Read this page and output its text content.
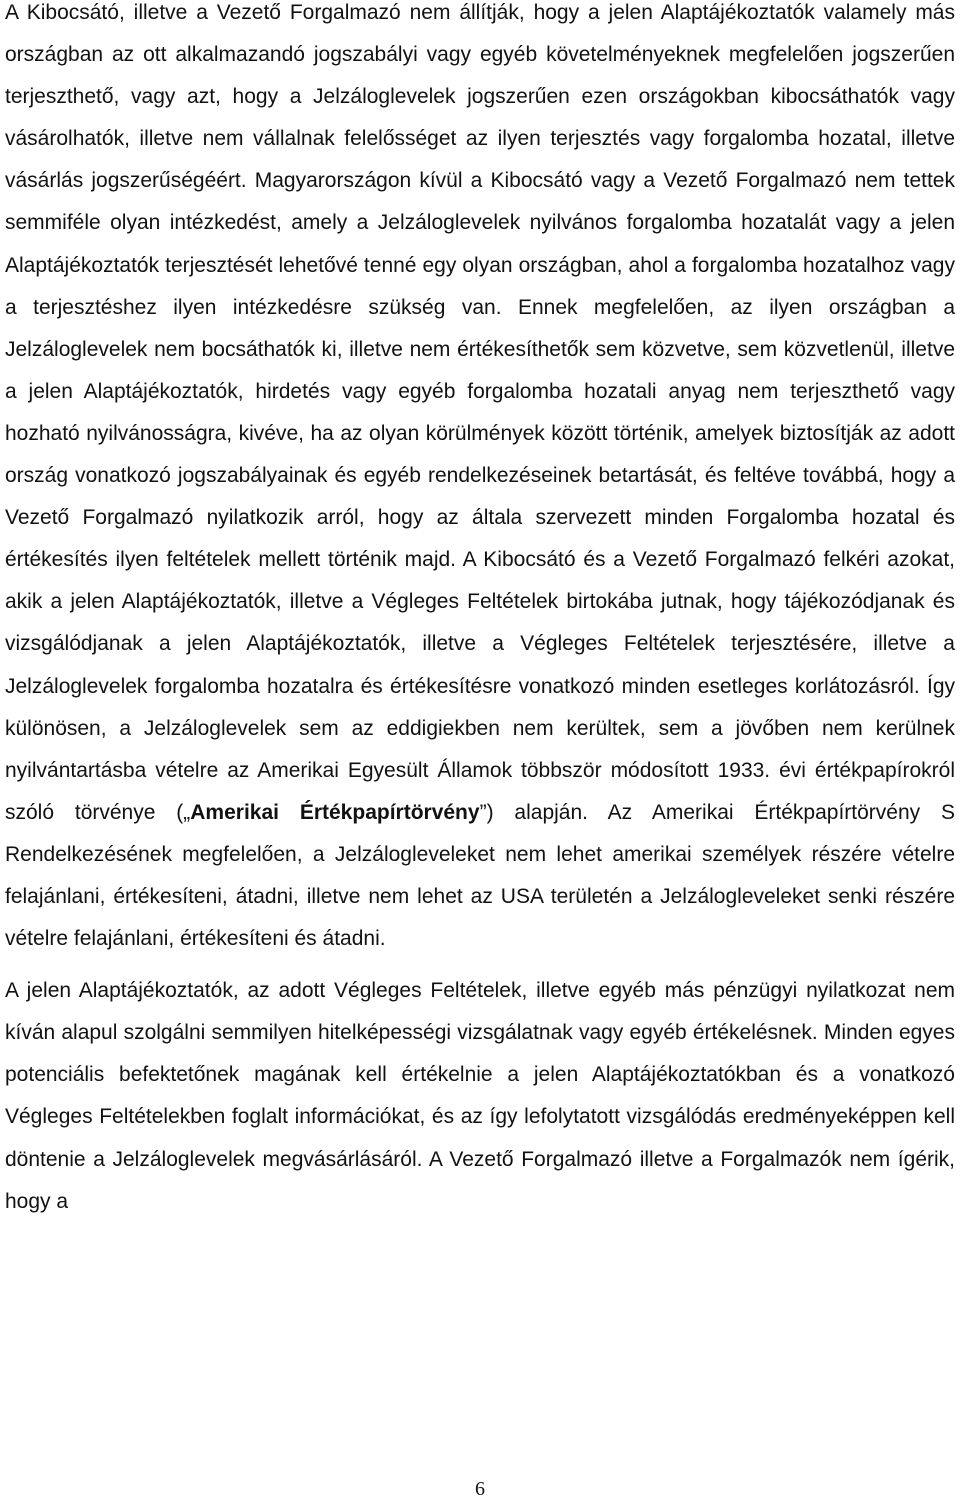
A Kibocsátó, illetve a Vezető Forgalmazó nem állítják, hogy a jelen Alaptájékoztatók valamely más országban az ott alkalmazandó jogszabályi vagy egyéb követelményeknek megfelelően jogszerűen terjeszthető, vagy azt, hogy a Jelzáloglevelek jogszerűen ezen országokban kibocsáthatók vagy vásárolhatók, illetve nem vállalnak felelősséget az ilyen terjesztés vagy forgalomba hozatal, illetve vásárlás jogszerűségéért. Magyarországon kívül a Kibocsátó vagy a Vezető Forgalmazó nem tettek semmiféle olyan intézkedést, amely a Jelzáloglevelek nyilvános forgalomba hozatalát vagy a jelen Alaptájékoztatók terjesztését lehetővé tenné egy olyan országban, ahol a forgalomba hozatalhoz vagy a terjesztéshez ilyen intézkedésre szükség van. Ennek megfelelően, az ilyen országban a Jelzáloglevelek nem bocsáthatók ki, illetve nem értékesíthetők sem közvetve, sem közvetlenül, illetve a jelen Alaptájékoztatók, hirdetés vagy egyéb forgalomba hozatali anyag nem terjeszthető vagy hozható nyilvánosságra, kivéve, ha az olyan körülmények között történik, amelyek biztosítják az adott ország vonatkozó jogszabályainak és egyéb rendelkezéseinek betartását, és feltéve továbbá, hogy a Vezető Forgalmazó nyilatkozik arról, hogy az általa szervezett minden Forgalomba hozatal és értékesítés ilyen feltételek mellett történik majd. A Kibocsátó és a Vezető Forgalmazó felkéri azokat, akik a jelen Alaptájékoztatók, illetve a Végleges Feltételek birtokába jutnak, hogy tájékozódjanak és vizsgálódjanak a jelen Alaptájékoztatók, illetve a Végleges Feltételek terjesztésére, illetve a Jelzáloglevelek forgalomba hozatalra és értékesítésre vonatkozó minden esetleges korlátozásról. Így különösen, a Jelzáloglevelek sem az eddigiekben nem kerültek, sem a jövőben nem kerülnek nyilvántartásba vételre az Amerikai Egyesült Államok többször módosított 1933. évi értékpapírokról szóló törvénye („Amerikai Értékpapírtörvény”) alapján. Az Amerikai Értékpapírtörvény S Rendelkezésének megfelelően, a Jelzálogleveleket nem lehet amerikai személyek részére vételre felajánlani, értékesíteni, átadni, illetve nem lehet az USA területén a Jelzálogleveleket senki részére vételre felajánlani, értékesíteni és átadni.

A jelen Alaptájékoztatók, az adott Végleges Feltételek, illetve egyéb más pénzügyi nyilatkozat nem kíván alapul szolgálni semmilyen hitelképességi vizsgálatnak vagy egyéb értékelésnek. Minden egyes potenciális befektetőnek magának kell értékelnie a jelen Alaptájékoztatókban és a vonatkozó Végleges Feltételekben foglalt információkat, és az így lefolytatott vizsgálódás eredményeképpen kell döntenie a Jelzáloglevelek megvásárlásáról. A Vezető Forgalmazó illetve a Forgalmazók nem ígérik, hogy a

6
